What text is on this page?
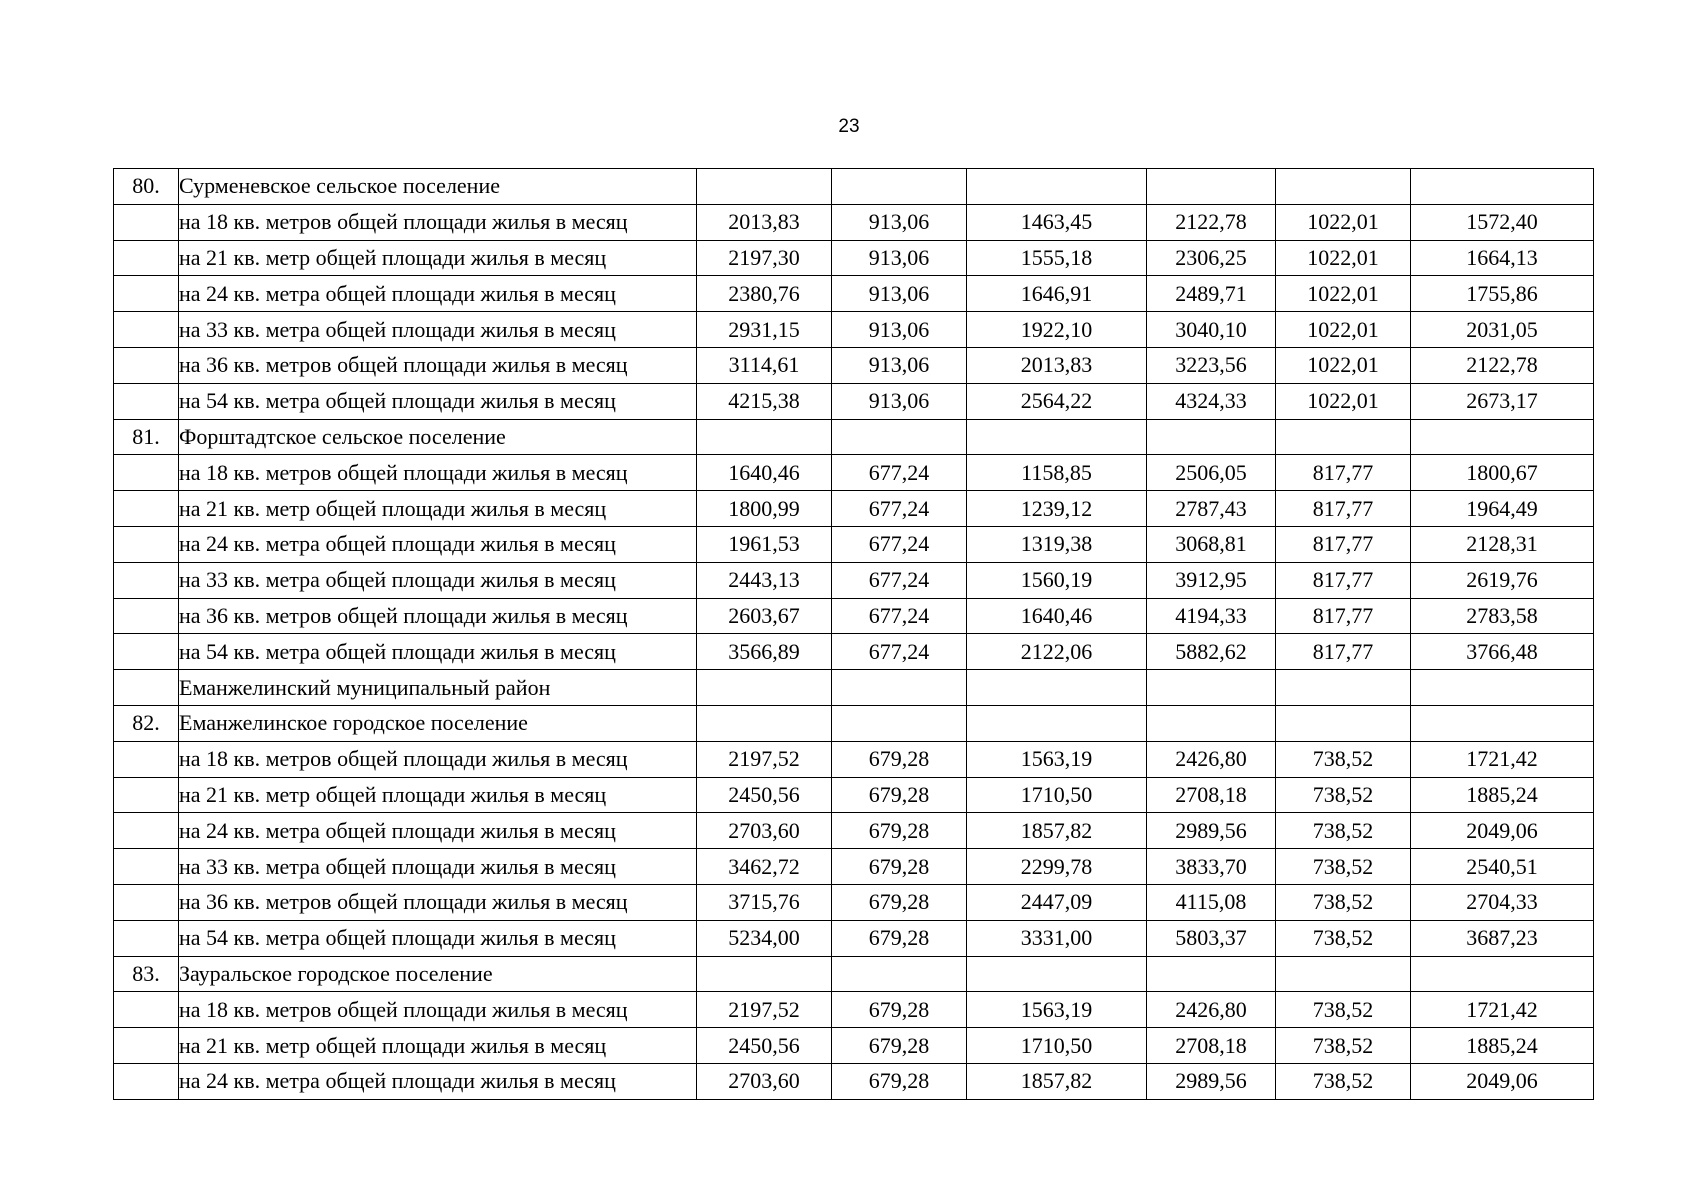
23
80.	Сурменевское сельское поселение						
	на 18 кв. метров общей площади жилья в месяц	2013,83	913,06	1463,45	2122,78	1022,01	1572,40
	на 21 кв. метр общей площади жилья в месяц	2197,30	913,06	1555,18	2306,25	1022,01	1664,13
	на 24 кв. метра общей площади жилья в месяц	2380,76	913,06	1646,91	2489,71	1022,01	1755,86
	на 33 кв. метра общей площади жилья в месяц	2931,15	913,06	1922,10	3040,10	1022,01	2031,05
	на 36 кв. метров общей площади жилья в месяц	3114,61	913,06	2013,83	3223,56	1022,01	2122,78
	на 54 кв. метра общей площади жилья в месяц	4215,38	913,06	2564,22	4324,33	1022,01	2673,17
81.	Форштадтское сельское поселение						
	на 18 кв. метров общей площади жилья в месяц	1640,46	677,24	1158,85	2506,05	817,77	1800,67
	на 21 кв. метр общей площади жилья в месяц	1800,99	677,24	1239,12	2787,43	817,77	1964,49
	на 24 кв. метра общей площади жилья в месяц	1961,53	677,24	1319,38	3068,81	817,77	2128,31
	на 33 кв. метра общей площади жилья в месяц	2443,13	677,24	1560,19	3912,95	817,77	2619,76
	на 36 кв. метров общей площади жилья в месяц	2603,67	677,24	1640,46	4194,33	817,77	2783,58
	на 54 кв. метра общей площади жилья в месяц	3566,89	677,24	2122,06	5882,62	817,77	3766,48
	Еманжелинский муниципальный район						
82.	Еманжелинское городское поселение						
	на 18 кв. метров общей площади жилья в месяц	2197,52	679,28	1563,19	2426,80	738,52	1721,42
	на 21 кв. метр общей площади жилья в месяц	2450,56	679,28	1710,50	2708,18	738,52	1885,24
	на 24 кв. метра общей площади жилья в месяц	2703,60	679,28	1857,82	2989,56	738,52	2049,06
	на 33 кв. метра общей площади жилья в месяц	3462,72	679,28	2299,78	3833,70	738,52	2540,51
	на 36 кв. метров общей площади жилья в месяц	3715,76	679,28	2447,09	4115,08	738,52	2704,33
	на 54 кв. метра общей площади жилья в месяц	5234,00	679,28	3331,00	5803,37	738,52	3687,23
83.	Зауральское городское поселение						
	на 18 кв. метров общей площади жилья в месяц	2197,52	679,28	1563,19	2426,80	738,52	1721,42
	на 21 кв. метр общей площади жилья в месяц	2450,56	679,28	1710,50	2708,18	738,52	1885,24
	на 24 кв. метра общей площади жилья в месяц	2703,60	679,28	1857,82	2989,56	738,52	2049,06
